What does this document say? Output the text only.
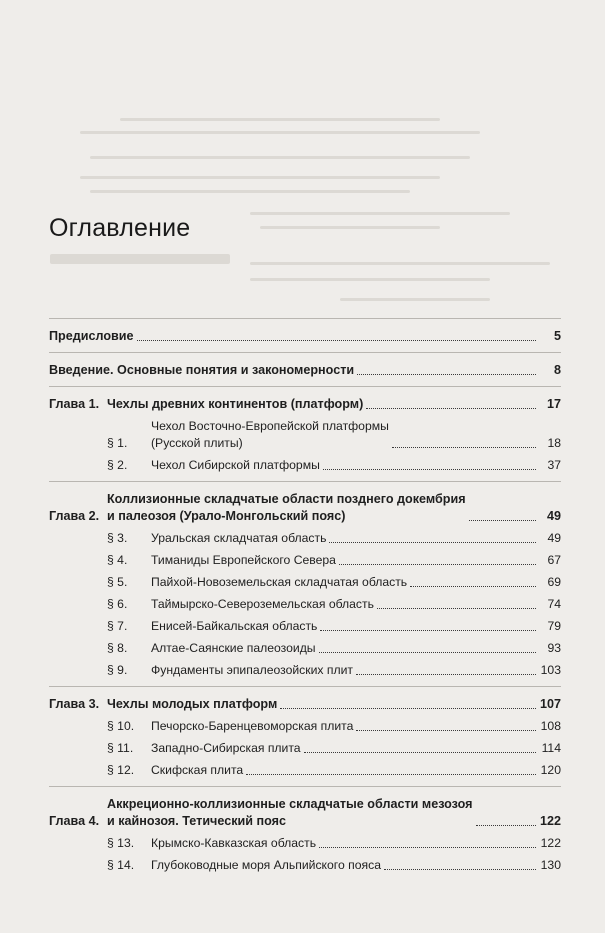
Оглавление
Предисловие	5
Введение. Основные понятия и закономерности	8
Глава 1. Чехлы древних континентов (платформ)	17
§ 1.
Чехол Восточно-Европейской платформы
(Русской плиты)	18
§ 2.	Чехол Сибирской платформы	37
Глава 2.
Коллизионные складчатые области позднего докембрия
и палеозоя (Урало-Монгольский пояс)	49
§ 3.	Уральская складчатая область	49
§ 4.	Тиманиды Европейского Севера	67
§ 5.	Пайхой-Новоземельская складчатая область	69
§ 6.	Таймырско-Североземельская область	74
§ 7.	Енисей-Байкальская область	79
§ 8.	Алтае-Саянские палеозоиды	93
§ 9.	Фундаменты эпипалеозойских плит	103
Глава 3. Чехлы молодых платформ	107
§ 10.	Печорско-Баренцевоморская плита	108
§ 11.	Западно-Сибирская плита	114
§ 12.	Скифская плита	120
Глава 4.
Аккреционно-коллизионные складчатые области мезозоя
и кайнозоя. Тетический пояс	122
§ 13.	Крымско-Кавказская область	122
§ 14.	Глубоководные моря Альпийского пояса	130
